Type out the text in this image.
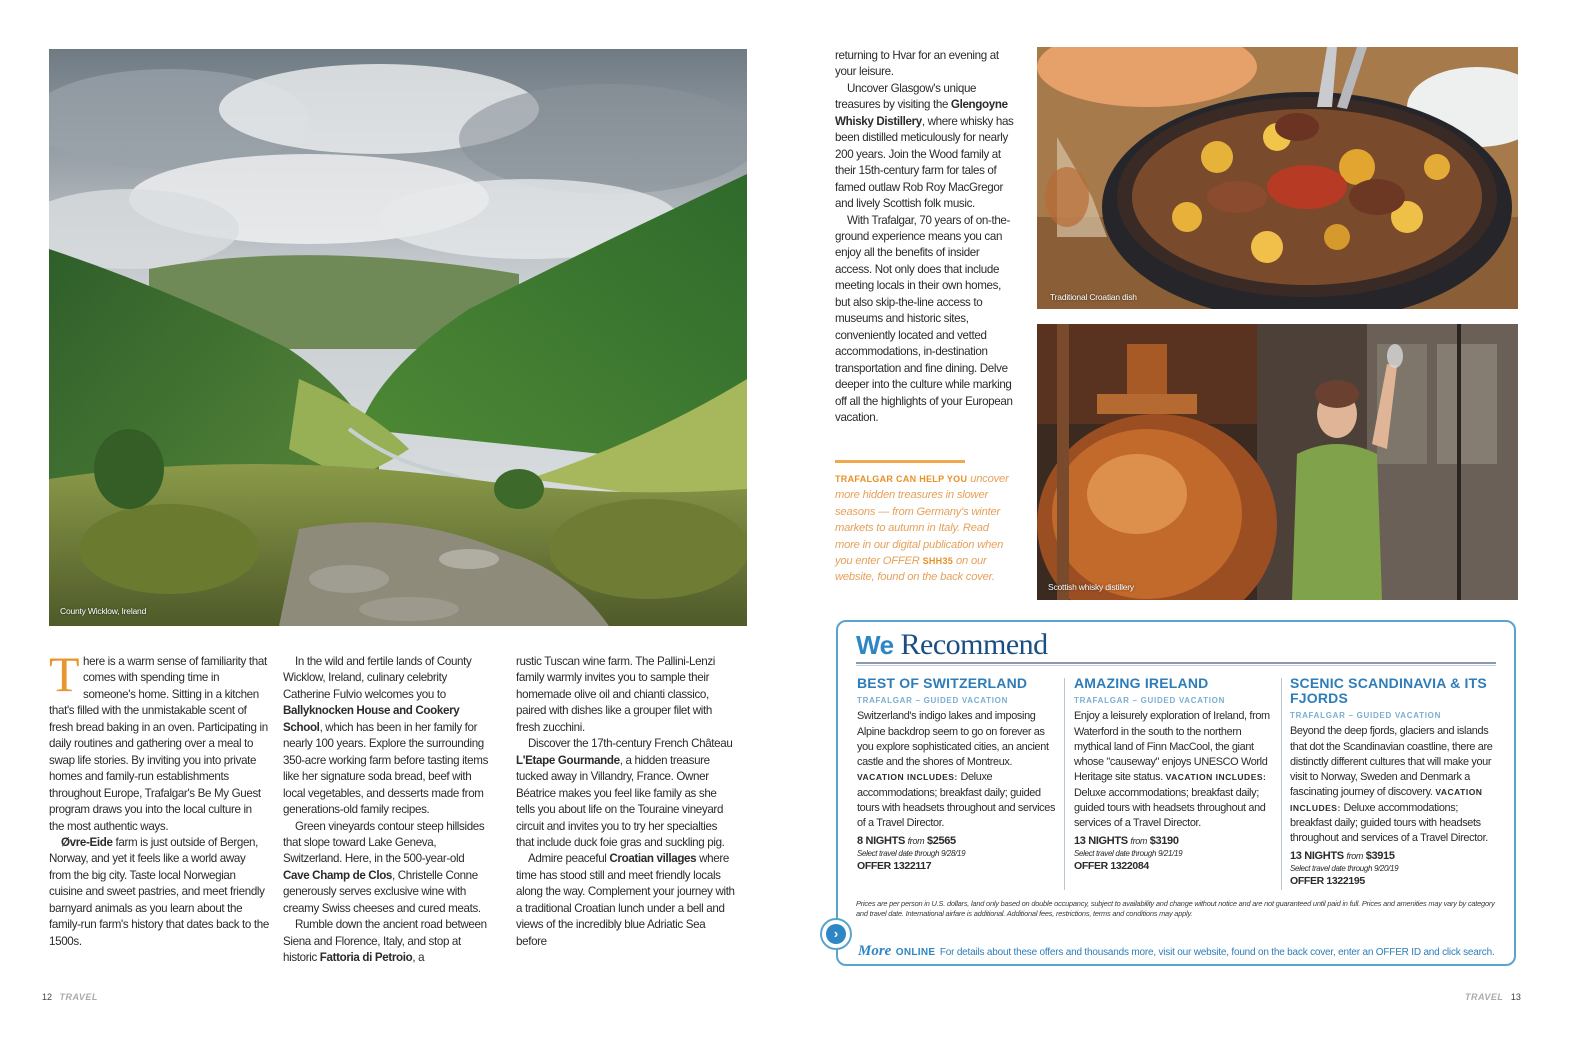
County Wicklow, Ireland
Traditional Croatian dish
Scottish whisky distillery

There is a warm sense of familiarity that comes with spending time in someone's home. Sitting in a kitchen that's filled with the unmistakable scent of fresh bread baking in an oven. Participating in daily routines and gathering over a meal to swap life stories. By inviting you into private homes and family-run establishments throughout Europe, Trafalgar's Be My Guest program draws you into the local culture in the most authentic ways.

Øvre-Eide farm is just outside of Bergen, Norway, and yet it feels like a world away from the big city. Taste local Norwegian cuisine and sweet pastries, and meet friendly barnyard animals as you learn about the family-run farm's history that dates back to the 1500s.

In the wild and fertile lands of County Wicklow, Ireland, culinary celebrity Catherine Fulvio welcomes you to Ballyknocken House and Cookery School, which has been in her family for nearly 100 years. Explore the surrounding 350-acre working farm before tasting items like her signature soda bread, beef with local vegetables, and desserts made from generations-old family recipes.

Green vineyards contour steep hillsides that slope toward Lake Geneva, Switzerland. Here, in the 500-year-old Cave Champ de Clos, Christelle Conne generously serves exclusive wine with creamy Swiss cheeses and cured meats.

Rumble down the ancient road between Siena and Florence, Italy, and stop at historic Fattoria di Petroio, a

rustic Tuscan wine farm. The Pallini-Lenzi family warmly invites you to sample their homemade olive oil and chianti classico, paired with dishes like a grouper filet with fresh zucchini.

Discover the 17th-century French Château L'Etape Gourmande, a hidden treasure tucked away in Villandry, France. Owner Béatrice makes you feel like family as she tells you about life on the Touraine vineyard circuit and invites you to try her specialties that include duck foie gras and suckling pig.

Admire peaceful Croatian villages where time has stood still and meet friendly locals along the way. Complement your journey with a traditional Croatian lunch under a bell and views of the incredibly blue Adriatic Sea before

returning to Hvar for an evening at your leisure.

Uncover Glasgow's unique treasures by visiting the Glengoyne Whisky Distillery, where whisky has been distilled meticulously for nearly 200 years. Join the Wood family at their 15th-century farm for tales of famed outlaw Rob Roy MacGregor and lively Scottish folk music.

With Trafalgar, 70 years of on-the-ground experience means you can enjoy all the benefits of insider access. Not only does that include meeting locals in their own homes, but also skip-the-line access to museums and historic sites, conveniently located and vetted accommodations, in-destination transportation and fine dining. Delve deeper into the culture while marking off all the highlights of your European vacation.

TRAFALGAR CAN HELP YOU uncover more hidden treasures in slower seasons — from Germany's winter markets to autumn in Italy. Read more in our digital publication when you enter OFFER SHH35 on our website, found on the back cover.
We Recommend
BEST OF SWITZERLAND
TRAFALGAR – GUIDED VACATION
Switzerland's indigo lakes and imposing Alpine backdrop seem to go on forever as you explore sophisticated cities, an ancient castle and the shores of Montreux. VACATION INCLUDES: Deluxe accommodations; breakfast daily; guided tours with headsets throughout and services of a Travel Director.
8 NIGHTS from $2565
Select travel date through 9/28/19
OFFER 1322117
AMAZING IRELAND
TRAFALGAR – GUIDED VACATION
Enjoy a leisurely exploration of Ireland, from Waterford in the south to the northern mythical land of Finn MacCool, the giant whose "causeway" enjoys UNESCO World Heritage site status. VACATION INCLUDES: Deluxe accommodations; breakfast daily; guided tours with headsets throughout and services of a Travel Director.
13 NIGHTS from $3190
Select travel date through 9/21/19
OFFER 1322084
SCENIC SCANDINAVIA & ITS FJORDS
TRAFALGAR – GUIDED VACATION
Beyond the deep fjords, glaciers and islands that dot the Scandinavian coastline, there are distinctly different cultures that will make your visit to Norway, Sweden and Denmark a fascinating journey of discovery. VACATION INCLUDES: Deluxe accommodations; breakfast daily; guided tours with headsets throughout and services of a Travel Director.
13 NIGHTS from $3915
Select travel date through 9/20/19
OFFER 1322195
Prices are per person in U.S. dollars, land only based on double occupancy, subject to availability and change without notice and are not guaranteed until paid in full. Prices and amenities may vary by category and travel date. International airfare is additional. Additional fees, restrictions, terms and conditions may apply.
›
More ONLINE For details about these offers and thousands more, visit our website, found on the back cover, enter an OFFER ID and click search.
12 TRAVEL	TRAVEL 13
